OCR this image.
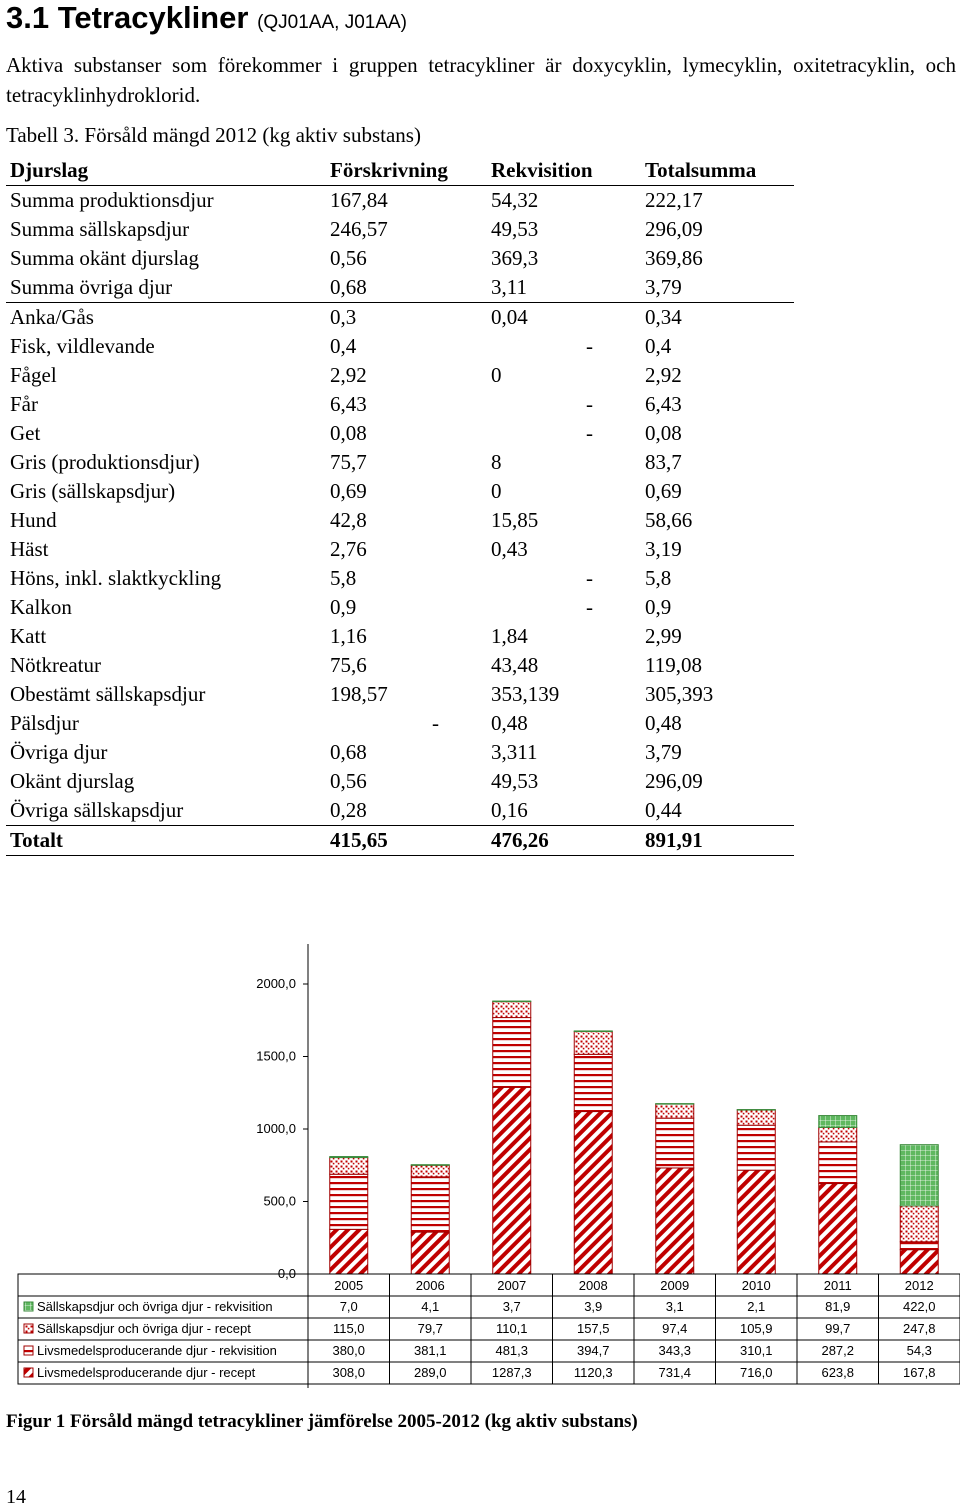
3.1 Tetracykliner (QJ01AA, J01AA)

Aktiva substanser som förekommer i gruppen tetracykliner är doxycyklin, lymecyklin, oxitetracyklin, och tetracyklinhydroklorid.

Tabell 3. Försåld mängd 2012 (kg aktiv substans)
Djurslag	Förskrivning	Rekvisition	Totalsumma
Summa produktionsdjur	167,84	54,32	222,17
Summa sällskapsdjur	246,57	49,53	296,09
Summa okänt djurslag	0,56	369,3	369,86
Summa övriga djur	0,68	3,11	3,79
Anka/Gås	0,3	0,04	0,34
Fisk, vildlevande	0,4	-	0,4
Fågel	2,92	0	2,92
Får	6,43	-	6,43
Get	0,08	-	0,08
Gris (produktionsdjur)	75,7	8	83,7
Gris (sällskapsdjur)	0,69	0	0,69
Hund	42,8	15,85	58,66
Häst	2,76	0,43	3,19
Höns, inkl. slaktkyckling	5,8	-	5,8
Kalkon	0,9	-	0,9
Katt	1,16	1,84	2,99
Nötkreatur	75,6	43,48	119,08
Obestämt sällskapsdjur	198,57	353,139	305,393
Pälsdjur	-	0,48	0,48
Övriga djur	0,68	3,311	3,79
Okänt djurslag	0,56	49,53	296,09
Övriga sällskapsdjur	0,28	0,16	0,44
Totalt	415,65	476,26	891,91
0,0
500,0
1000,0
1500,0
2000,0
2005	2006	2007	2008	2009	2010	2011	2012
Sällskapsdjur och övriga djur - rekvisition	7,0	4,1	3,7	3,9	3,1	2,1	81,9	422,0
Sällskapsdjur och övriga djur - recept	115,0	79,7	110,1	157,5	97,4	105,9	99,7	247,8
Livsmedelsproducerande djur - rekvisition	380,0	381,1	481,3	394,7	343,3	310,1	287,2	54,3
Livsmedelsproducerande djur - recept	308,0	289,0	1287,3	1120,3	731,4	716,0	623,8	167,8
Figur 1 Försåld mängd tetracykliner jämförelse 2005-2012 (kg aktiv substans)
14
